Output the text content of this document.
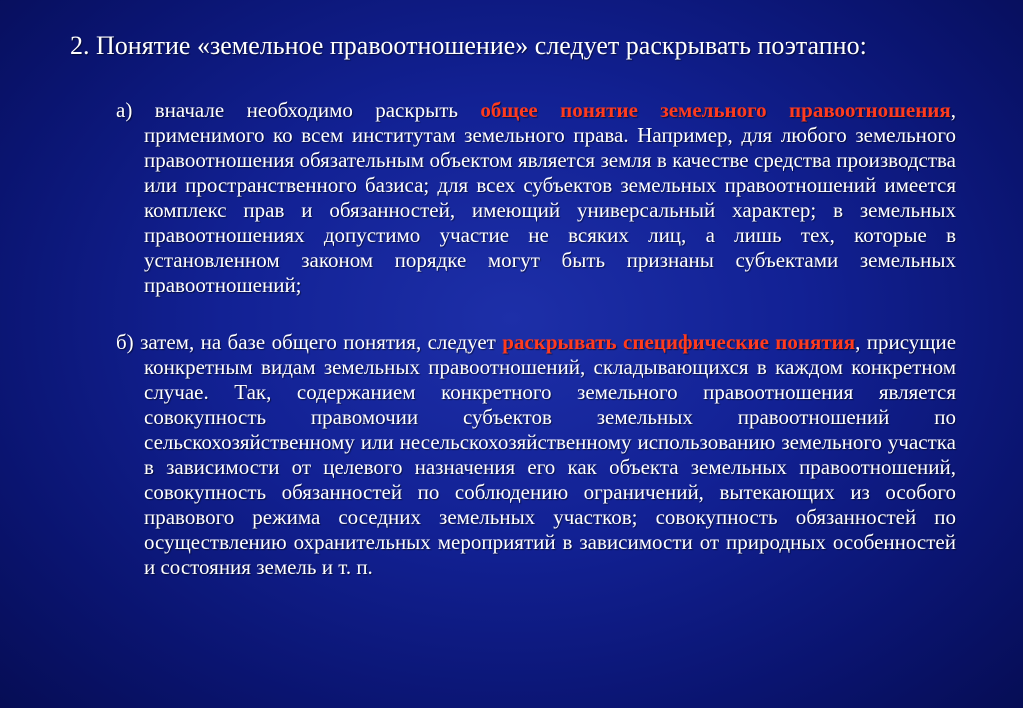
2. Понятие «земельное правоотношение» следует раскрывать поэтапно:
а) вначале необходимо раскрыть общее понятие земельного правоотношения, применимого ко всем институтам земельного права. Например, для любого земельного правоотношения обязательным объектом является земля в качестве средства производства или пространственного базиса; для всех субъектов земельных правоотношений имеется комплекс прав и обязанностей, имеющий универсальный характер; в земельных правоотношениях допустимо участие не всяких лиц, а лишь тех, которые в установленном законом порядке могут быть признаны субъектами земельных правоотношений;
б) затем, на базе общего понятия, следует раскрывать специфические понятия, присущие конкретным видам земельных правоотношений, складывающихся в каждом конкретном случае. Так, содержанием конкретного земельного правоотношения является совокупность правомочии субъектов земельных правоотношений по сельскохозяйственному или несельскохозяйственному использованию земельного участка в зависимости от целевого назначения его как объекта земельных правоотношений, совокупность обязанностей по соблюдению ограничений, вытекающих из особого правового режима соседних земельных участков; совокупность обязанностей по осуществлению охранительных мероприятий в зависимости от природных особенностей и состояния земель и т. п.
